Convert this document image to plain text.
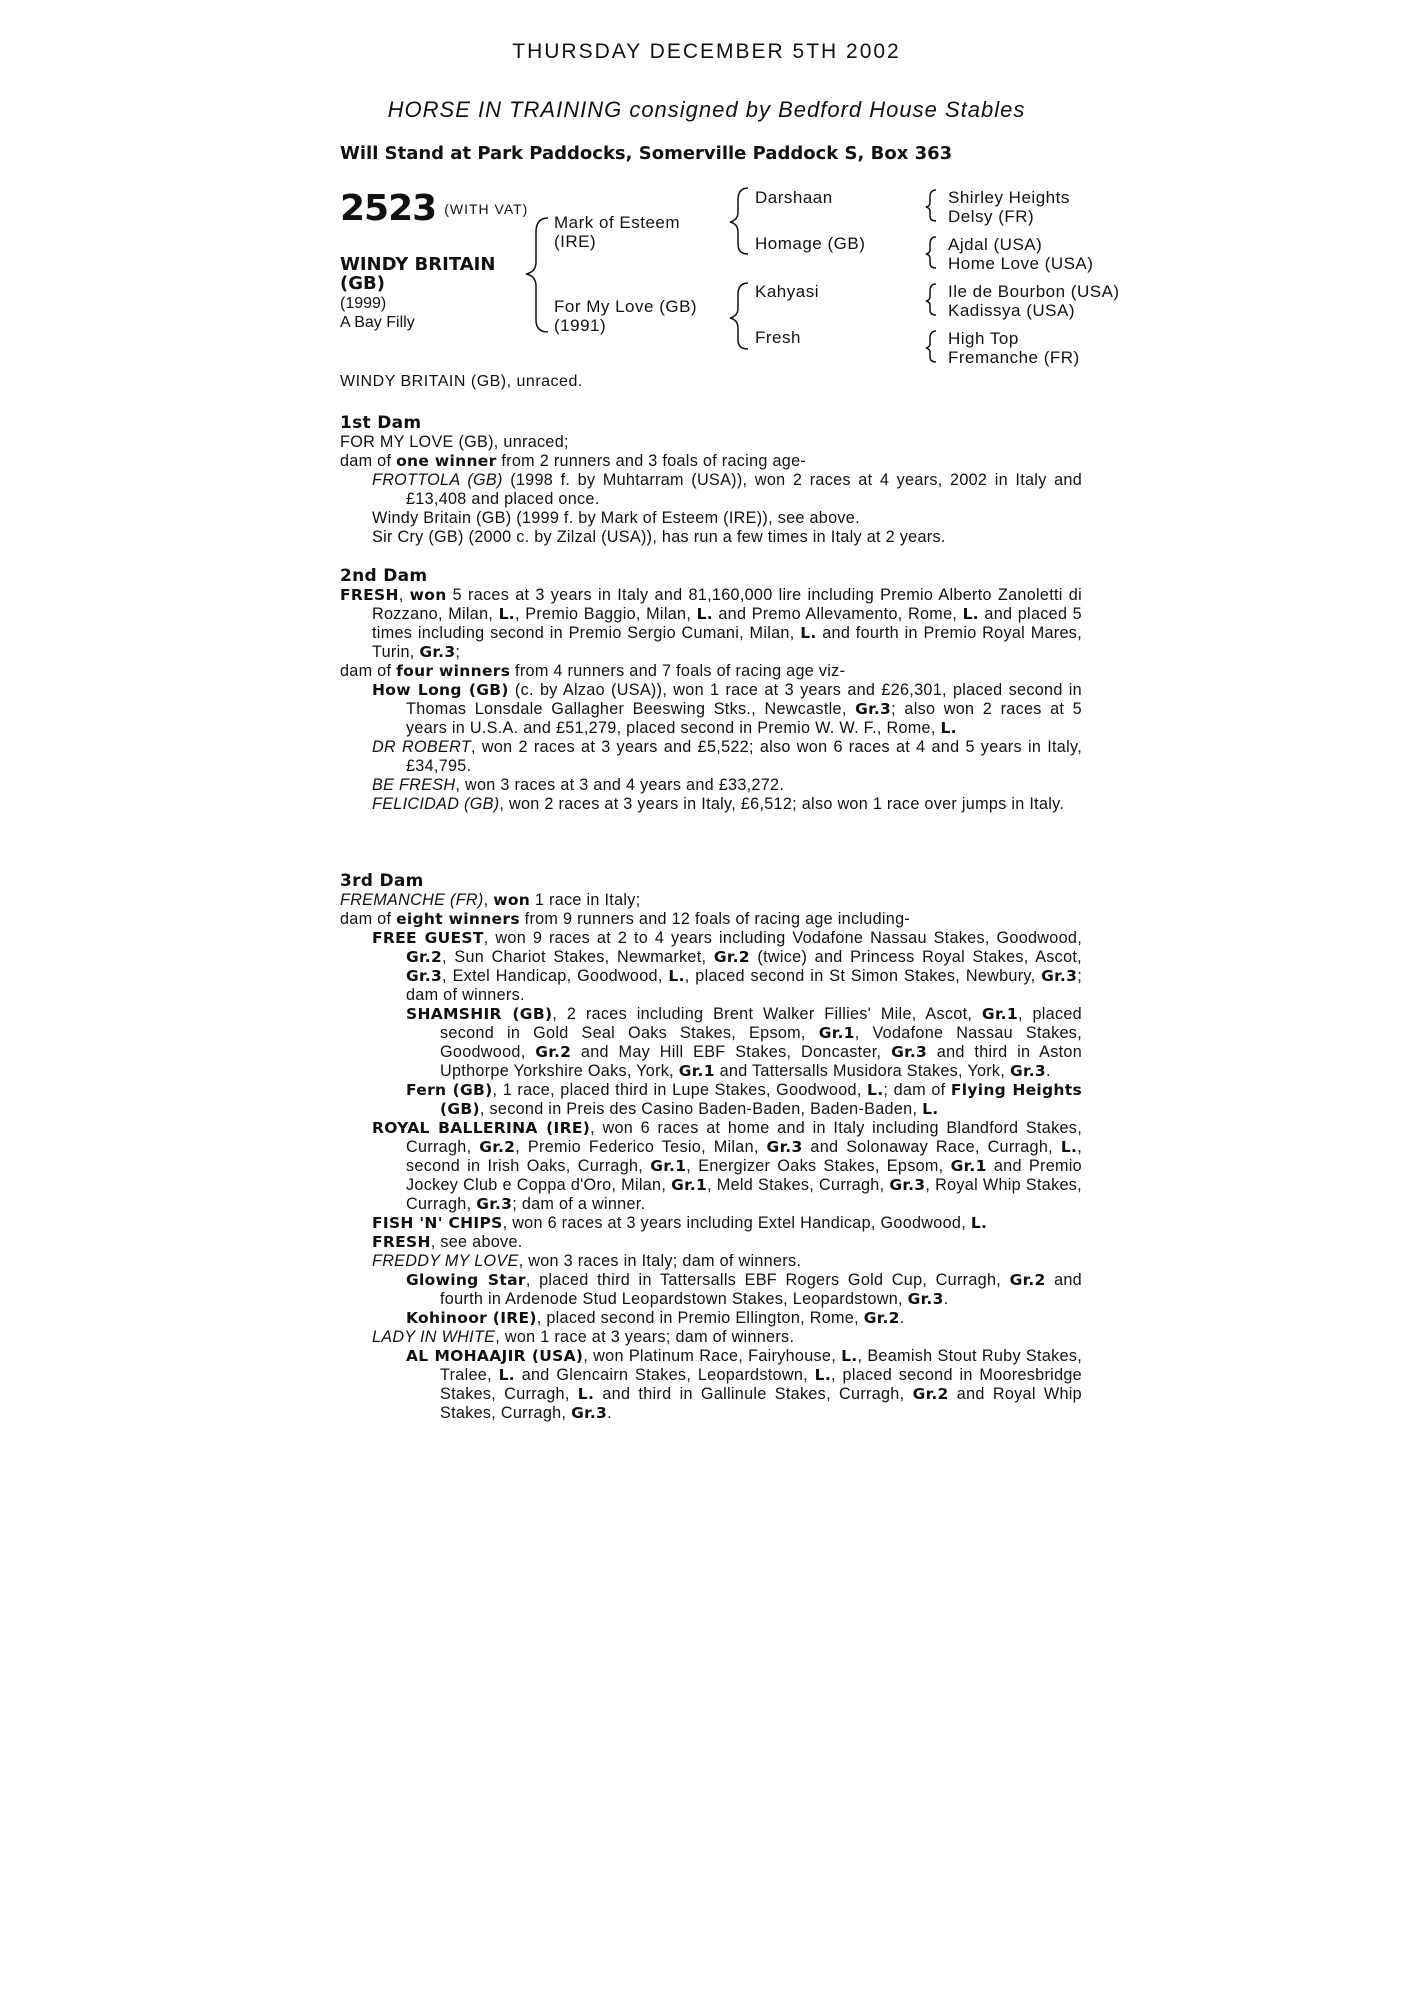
THURSDAY DECEMBER 5TH 2002
HORSE IN TRAINING consigned by Bedford House Stables
Will Stand at Park Paddocks, Somerville Paddock S, Box 363
2523 (WITH VAT)
WINDY BRITAIN (GB)
(1999)
A Bay Filly
Mark of Esteem (IRE)
For My Love (GB) (1991)
Darshaan
Homage (GB)
Kahyasi
Fresh
Shirley Heights
Delsy (FR)
Ajdal (USA)
Home Love (USA)
Ile de Bourbon (USA)
Kadissya (USA)
High Top
Fremanche (FR)
WINDY BRITAIN (GB), unraced.
1st Dam

FOR MY LOVE (GB), unraced;

dam of one winner from 2 runners and 3 foals of racing age-

FROTTOLA (GB) (1998 f. by Muhtarram (USA)), won 2 races at 4 years, 2002 in Italy and £13,408 and placed once.

Windy Britain (GB) (1999 f. by Mark of Esteem (IRE)), see above.

Sir Cry (GB) (2000 c. by Zilzal (USA)), has run a few times in Italy at 2 years.

2nd Dam

FRESH, won 5 races at 3 years in Italy and 81,160,000 lire including Premio Alberto Zanoletti di Rozzano, Milan, L., Premio Baggio, Milan, L. and Premo Allevamento, Rome, L. and placed 5 times including second in Premio Sergio Cumani, Milan, L. and fourth in Premio Royal Mares, Turin, Gr.3;

dam of four winners from 4 runners and 7 foals of racing age viz-

How Long (GB) (c. by Alzao (USA)), won 1 race at 3 years and £26,301, placed second in Thomas Lonsdale Gallagher Beeswing Stks., Newcastle, Gr.3; also won 2 races at 5 years in U.S.A. and £51,279, placed second in Premio W. W. F., Rome, L.

DR ROBERT, won 2 races at 3 years and £5,522; also won 6 races at 4 and 5 years in Italy, £34,795.

BE FRESH, won 3 races at 3 and 4 years and £33,272.

FELICIDAD (GB), won 2 races at 3 years in Italy, £6,512; also won 1 race over jumps in Italy.

3rd Dam

FREMANCHE (FR), won 1 race in Italy;

dam of eight winners from 9 runners and 12 foals of racing age including-

FREE GUEST, won 9 races at 2 to 4 years including Vodafone Nassau Stakes, Goodwood, Gr.2, Sun Chariot Stakes, Newmarket, Gr.2 (twice) and Princess Royal Stakes, Ascot, Gr.3, Extel Handicap, Goodwood, L., placed second in St Simon Stakes, Newbury, Gr.3; dam of winners.

SHAMSHIR (GB), 2 races including Brent Walker Fillies' Mile, Ascot, Gr.1, placed second in Gold Seal Oaks Stakes, Epsom, Gr.1, Vodafone Nassau Stakes, Goodwood, Gr.2 and May Hill EBF Stakes, Doncaster, Gr.3 and third in Aston Upthorpe Yorkshire Oaks, York, Gr.1 and Tattersalls Musidora Stakes, York, Gr.3.

Fern (GB), 1 race, placed third in Lupe Stakes, Goodwood, L.; dam of Flying Heights (GB), second in Preis des Casino Baden-Baden, Baden-Baden, L.

ROYAL BALLERINA (IRE), won 6 races at home and in Italy including Blandford Stakes, Curragh, Gr.2, Premio Federico Tesio, Milan, Gr.3 and Solonaway Race, Curragh, L., second in Irish Oaks, Curragh, Gr.1, Energizer Oaks Stakes, Epsom, Gr.1 and Premio Jockey Club e Coppa d'Oro, Milan, Gr.1, Meld Stakes, Curragh, Gr.3, Royal Whip Stakes, Curragh, Gr.3; dam of a winner.

FISH 'N' CHIPS, won 6 races at 3 years including Extel Handicap, Goodwood, L.

FRESH, see above.

FREDDY MY LOVE, won 3 races in Italy; dam of winners.

Glowing Star, placed third in Tattersalls EBF Rogers Gold Cup, Curragh, Gr.2 and fourth in Ardenode Stud Leopardstown Stakes, Leopardstown, Gr.3.

Kohinoor (IRE), placed second in Premio Ellington, Rome, Gr.2.

LADY IN WHITE, won 1 race at 3 years; dam of winners.

AL MOHAAJIR (USA), won Platinum Race, Fairyhouse, L., Beamish Stout Ruby Stakes, Tralee, L. and Glencairn Stakes, Leopardstown, L., placed second in Mooresbridge Stakes, Curragh, L. and third in Gallinule Stakes, Curragh, Gr.2 and Royal Whip Stakes, Curragh, Gr.3.
